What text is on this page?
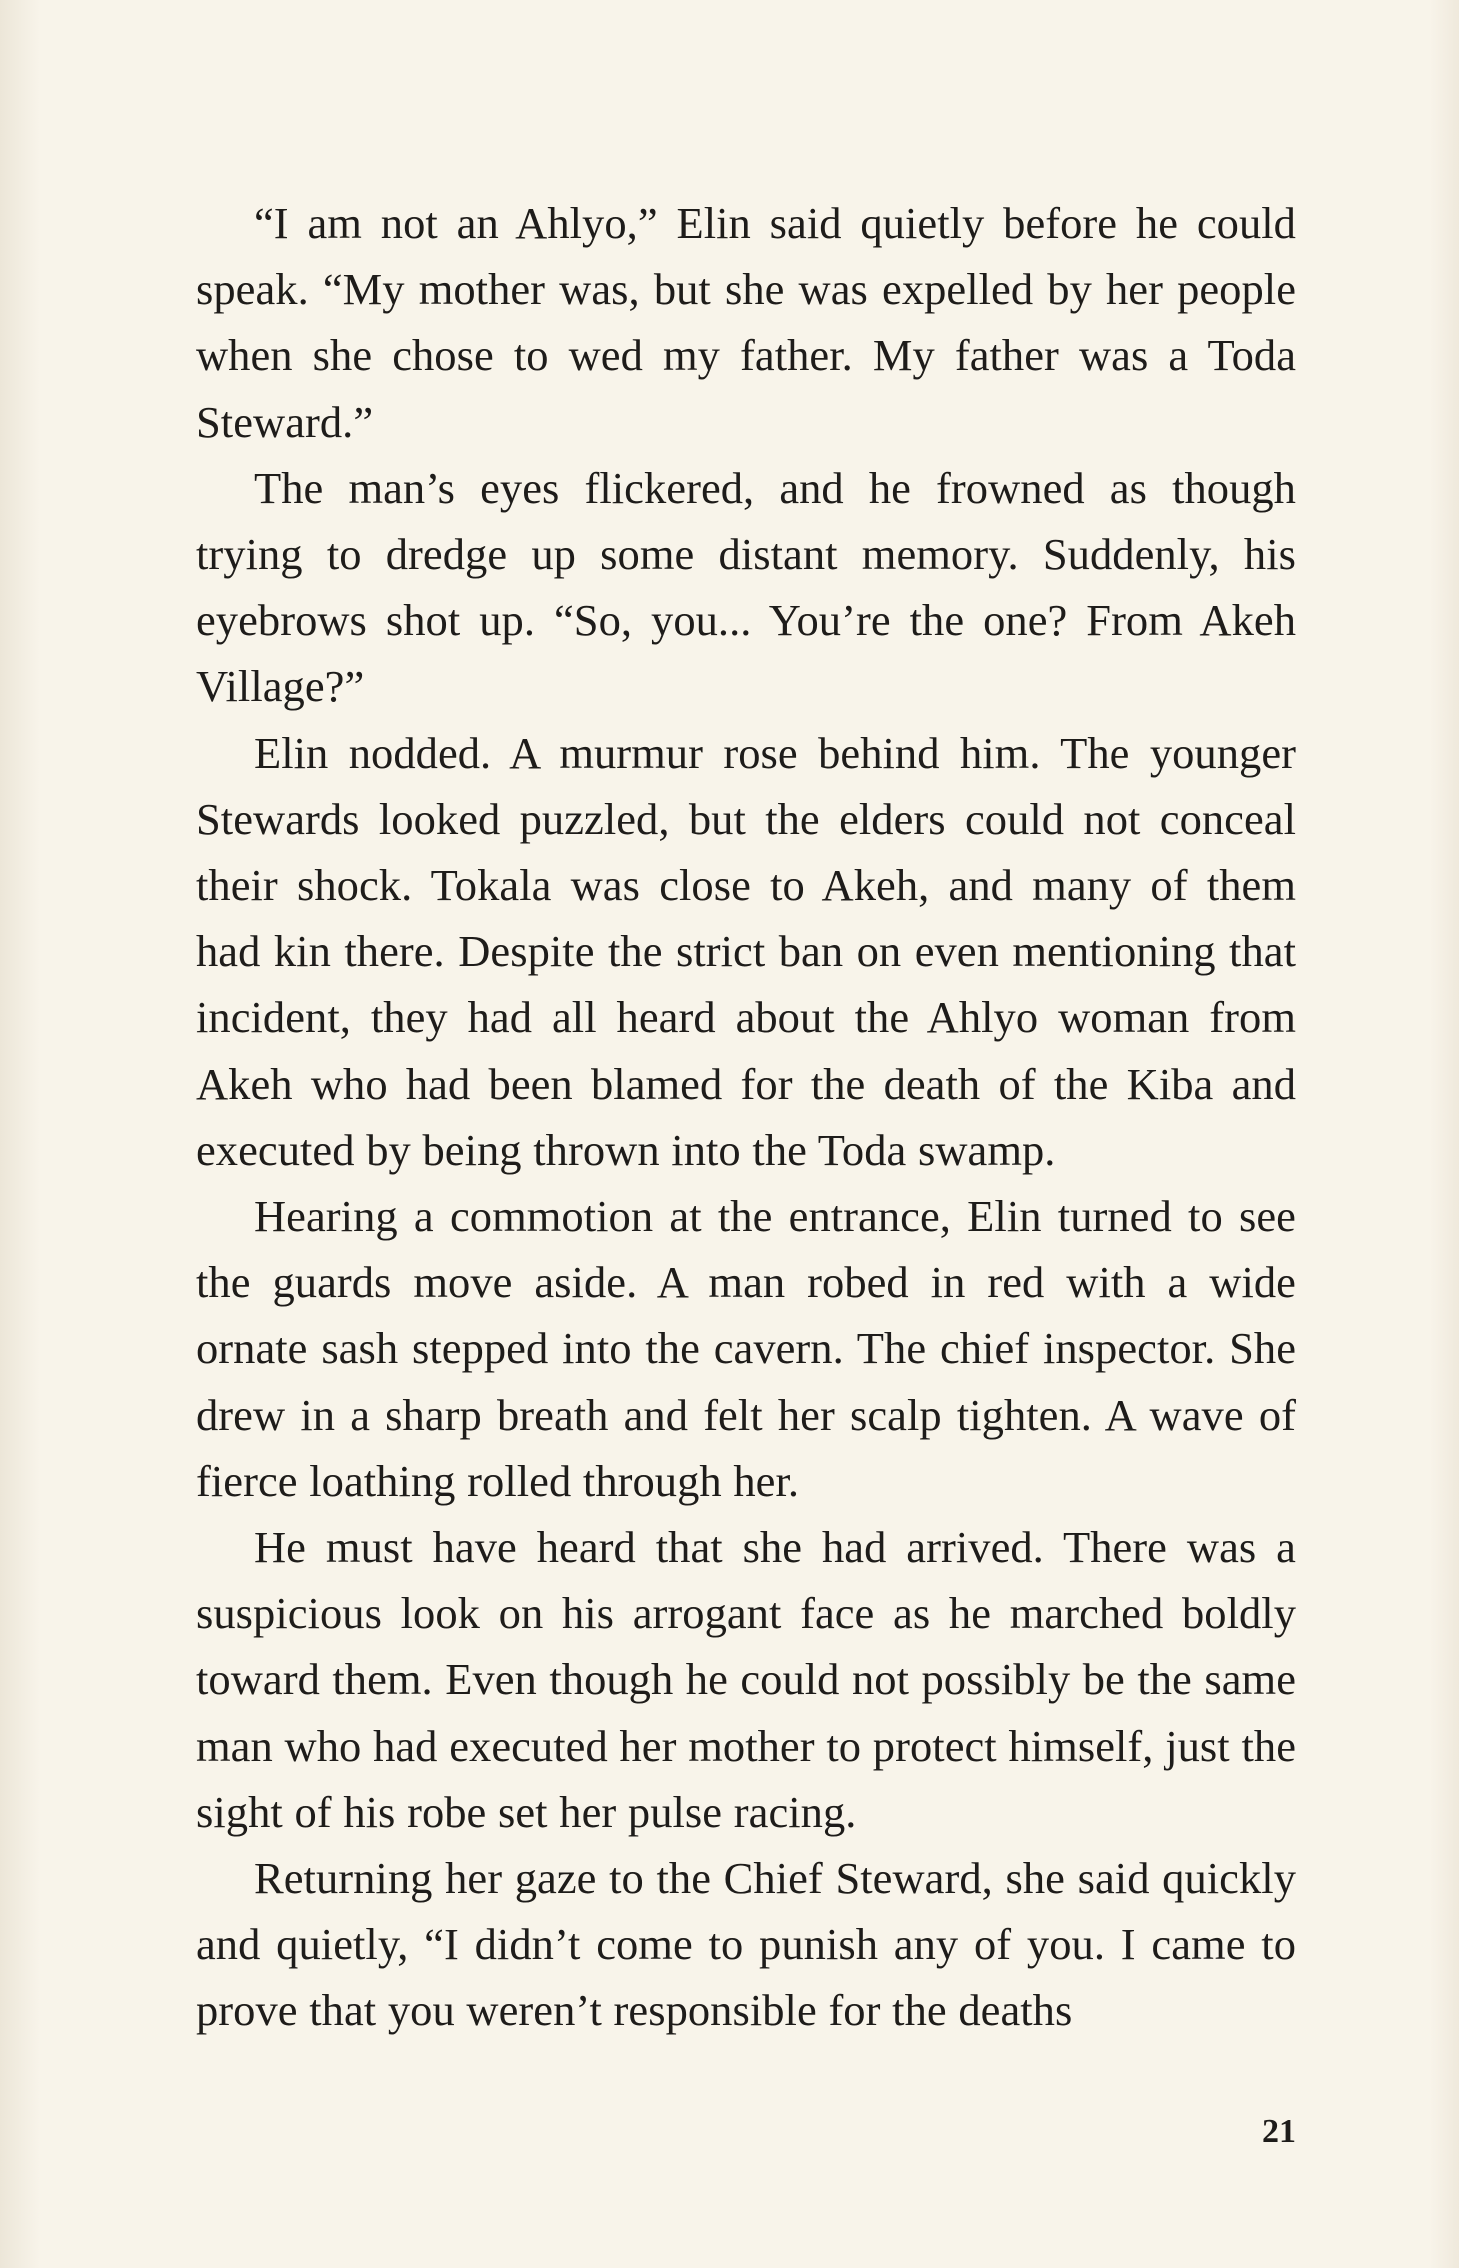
“I am not an Ahlyo,” Elin said quietly before he could speak. “My mother was, but she was expelled by her people when she chose to wed my father. My father was a Toda Steward.”

The man’s eyes flickered, and he frowned as though trying to dredge up some distant memory. Suddenly, his eyebrows shot up. “So, you... You’re the one? From Akeh Village?”

Elin nodded. A murmur rose behind him. The younger Stewards looked puzzled, but the elders could not conceal their shock. Tokala was close to Akeh, and many of them had kin there. Despite the strict ban on even mentioning that incident, they had all heard about the Ahlyo woman from Akeh who had been blamed for the death of the Kiba and executed by being thrown into the Toda swamp.

Hearing a commotion at the entrance, Elin turned to see the guards move aside. A man robed in red with a wide ornate sash stepped into the cavern. The chief inspector. She drew in a sharp breath and felt her scalp tighten. A wave of fierce loathing rolled through her.

He must have heard that she had arrived. There was a suspicious look on his arrogant face as he marched boldly toward them. Even though he could not possibly be the same man who had executed her mother to protect himself, just the sight of his robe set her pulse racing.

Returning her gaze to the Chief Steward, she said quickly and quietly, “I didn’t come to punish any of you. I came to prove that you weren’t responsible for the deaths

21
